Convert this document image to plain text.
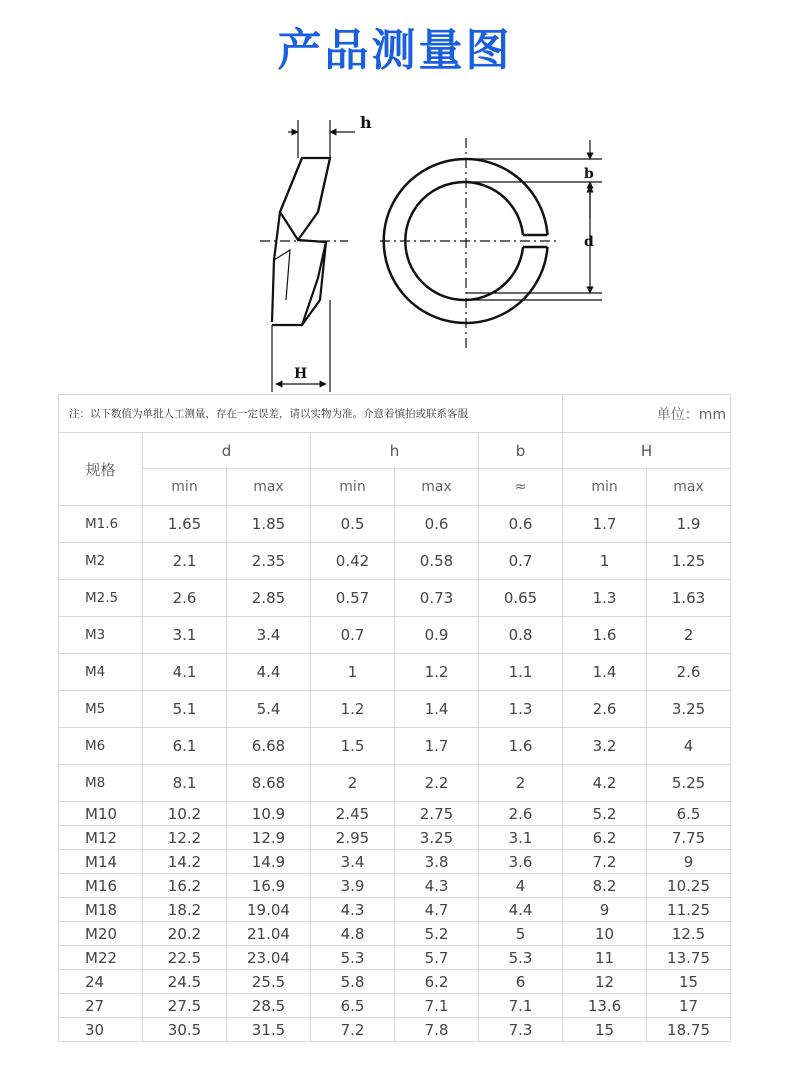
产品测量图
h
H
b
d
注：以下数值为单批人工测量，存在一定误差，请以实物为准。介意着慎拍或联系客服						单位：mm	
规格	d		h		b	H	
	min	max	min	max	≈	min	max
M1.6	1.65	1.85	0.5	0.6	0.6	1.7	1.9
M2	2.1	2.35	0.42	0.58	0.7	1	1.25
M2.5	2.6	2.85	0.57	0.73	0.65	1.3	1.63
M3	3.1	3.4	0.7	0.9	0.8	1.6	2
M4	4.1	4.4	1	1.2	1.1	1.4	2.6
M5	5.1	5.4	1.2	1.4	1.3	2.6	3.25
M6	6.1	6.68	1.5	1.7	1.6	3.2	4
M8	8.1	8.68	2	2.2	2	4.2	5.25
M10	10.2	10.9	2.45	2.75	2.6	5.2	6.5
M12	12.2	12.9	2.95	3.25	3.1	6.2	7.75
M14	14.2	14.9	3.4	3.8	3.6	7.2	9
M16	16.2	16.9	3.9	4.3	4	8.2	10.25
M18	18.2	19.04	4.3	4.7	4.4	9	11.25
M20	20.2	21.04	4.8	5.2	5	10	12.5
M22	22.5	23.04	5.3	5.7	5.3	11	13.75
24	24.5	25.5	5.8	6.2	6	12	15
27	27.5	28.5	6.5	7.1	7.1	13.6	17
30	30.5	31.5	7.2	7.8	7.3	15	18.75
